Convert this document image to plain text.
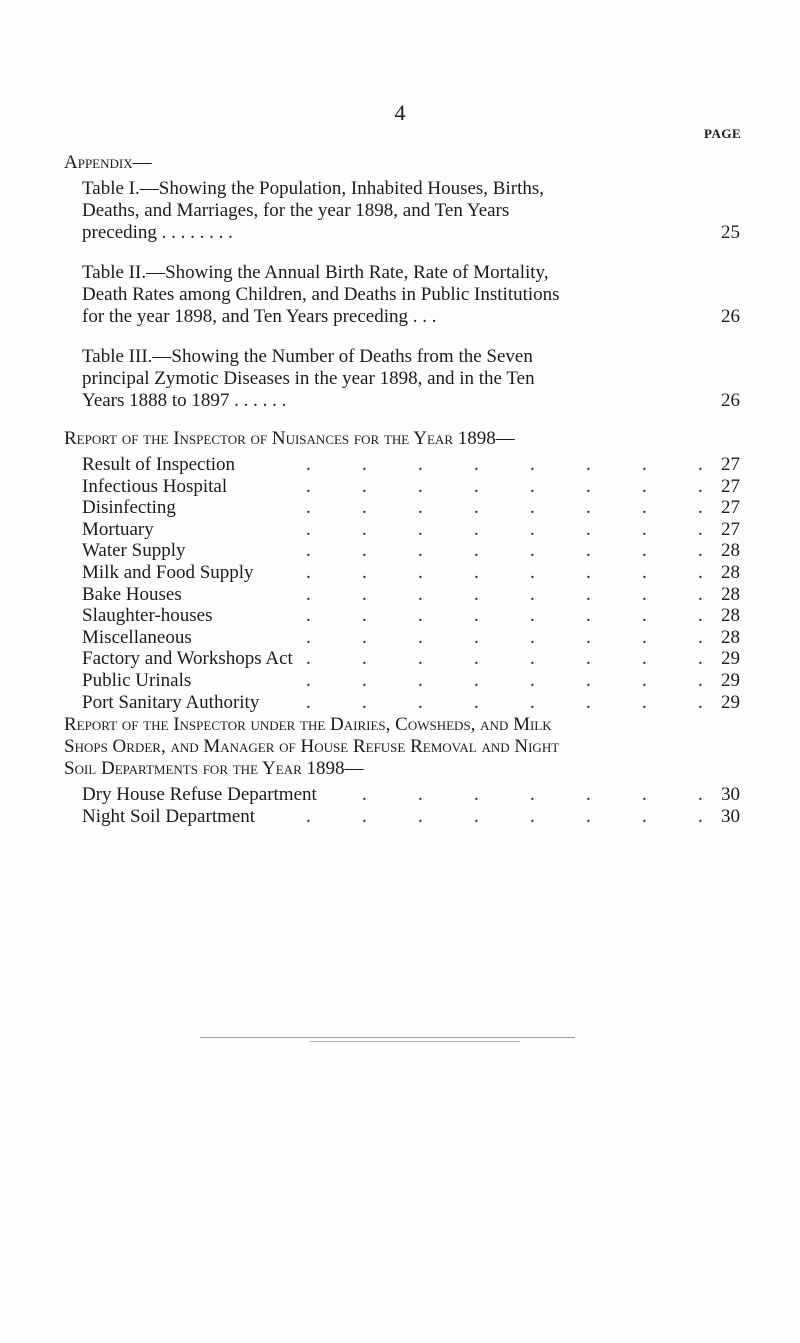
4
PAGE
Appendix—
Table I.—Showing the Population, Inhabited Houses, Births,
Deaths, and Marriages, for the year 1898, and Ten Years
preceding . . . . . . . .	25
Table II.—Showing the Annual Birth Rate, Rate of Mortality,
Death Rates among Children, and Deaths in Public Institutions
for the year 1898, and Ten Years preceding . . .	26
Table III.—Showing the Number of Deaths from the Seven
principal Zymotic Diseases in the year 1898, and in the Ten
Years 1888 to 1897 . . . . . .	26
Report of the Inspector of Nuisances for the Year 1898—
.	.	.	.	.	.	.	.
Result of Inspection	27
.	.	.	.	.	.	.	.
Infectious Hospital	27
.	.	.	.	.	.	.	.
Disinfecting	27
.	.	.	.	.	.	.	.
Mortuary	27
.	.	.	.	.	.	.	.
Water Supply	28
.	.	.	.	.	.	.	.
Milk and Food Supply	28
.	.	.	.	.	.	.	.
Bake Houses	28
.	.	.	.	.	.	.	.
Slaughter-houses	28
.	.	.	.	.	.	.	.
Miscellaneous	28
.	.	.	.	.	.	.	.
Factory and Workshops Act	29
.	.	.	.	.	.	.	.
Public Urinals	29
.	.	.	.	.	.	.	.
Port Sanitary Authority	29
Report of the Inspector under the Dairies, Cowsheds, and Milk
Shops Order, and Manager of House Refuse Removal and Night
Soil Departments for the Year 1898—
.	.	.	.	.	.	.
Dry House Refuse Department	30
.	.	.	.	.	.	.	.
Night Soil Department	30
